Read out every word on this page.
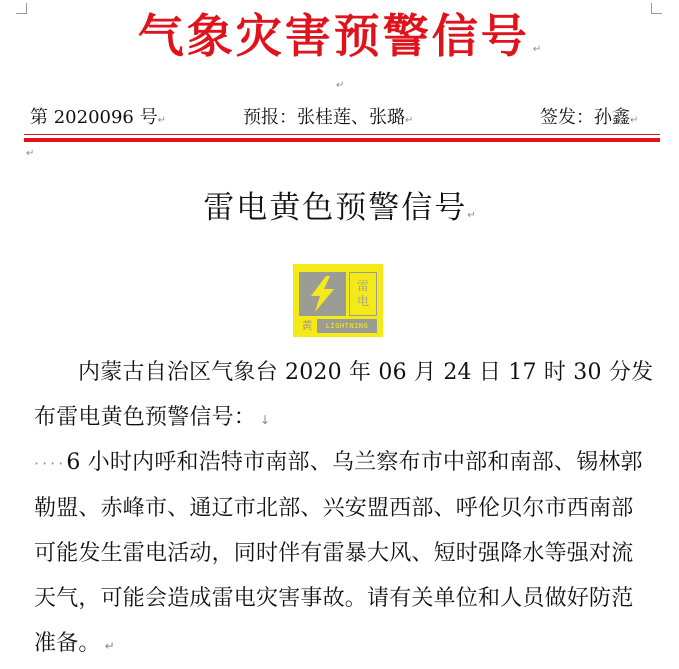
气象灾害预警信号 ↵
↵
第 2020096 号↵	预报：张桂莲、张璐↵	签发：孙鑫↵
↵
雷电黄色预警信号↵
雷
电
黄	LIGHTNING
内蒙古自治区气象台 2020 年 06 月 24 日 17 时 30 分发布雷电黄色预警信号： ↓
····6 小时内呼和浩特市南部、乌兰察布市中部和南部、锡林郭勒盟、赤峰市、通辽市北部、兴安盟西部、呼伦贝尔市西南部可能发生雷电活动，同时伴有雷暴大风、短时强降水等强对流天气，可能会造成雷电灾害事故。请有关单位和人员做好防范准备。 ↵
